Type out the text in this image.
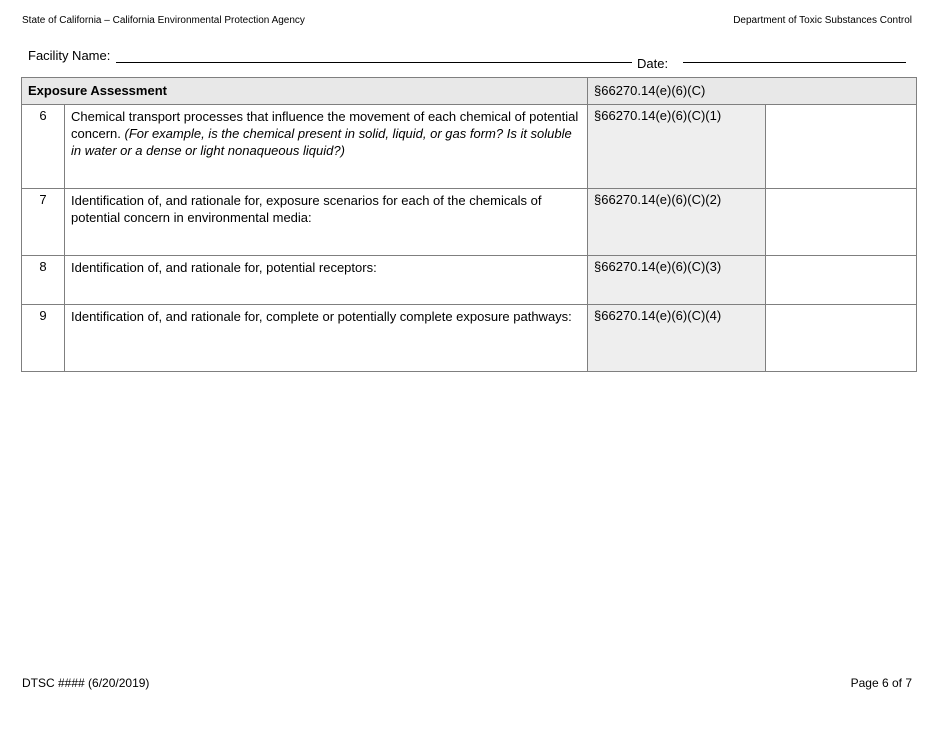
State of California – California Environmental Protection Agency	Department of Toxic Substances Control
Facility Name:
Date:
Exposure Assessment		§66270.14(e)(6)(C)	
6	Chemical transport processes that influence the movement of each chemical of potential concern. (For example, is the chemical present in solid, liquid, or gas form? Is it soluble in water or a dense or light nonaqueous liquid?)	§66270.14(e)(6)(C)(1)	
7	Identification of, and rationale for, exposure scenarios for each of the chemicals of potential concern in environmental media:	§66270.14(e)(6)(C)(2)	
8	Identification of, and rationale for, potential receptors:	§66270.14(e)(6)(C)(3)	
9	Identification of, and rationale for, complete or potentially complete exposure pathways:	§66270.14(e)(6)(C)(4)	
DTSC #### (6/20/2019)	Page 6 of 7
